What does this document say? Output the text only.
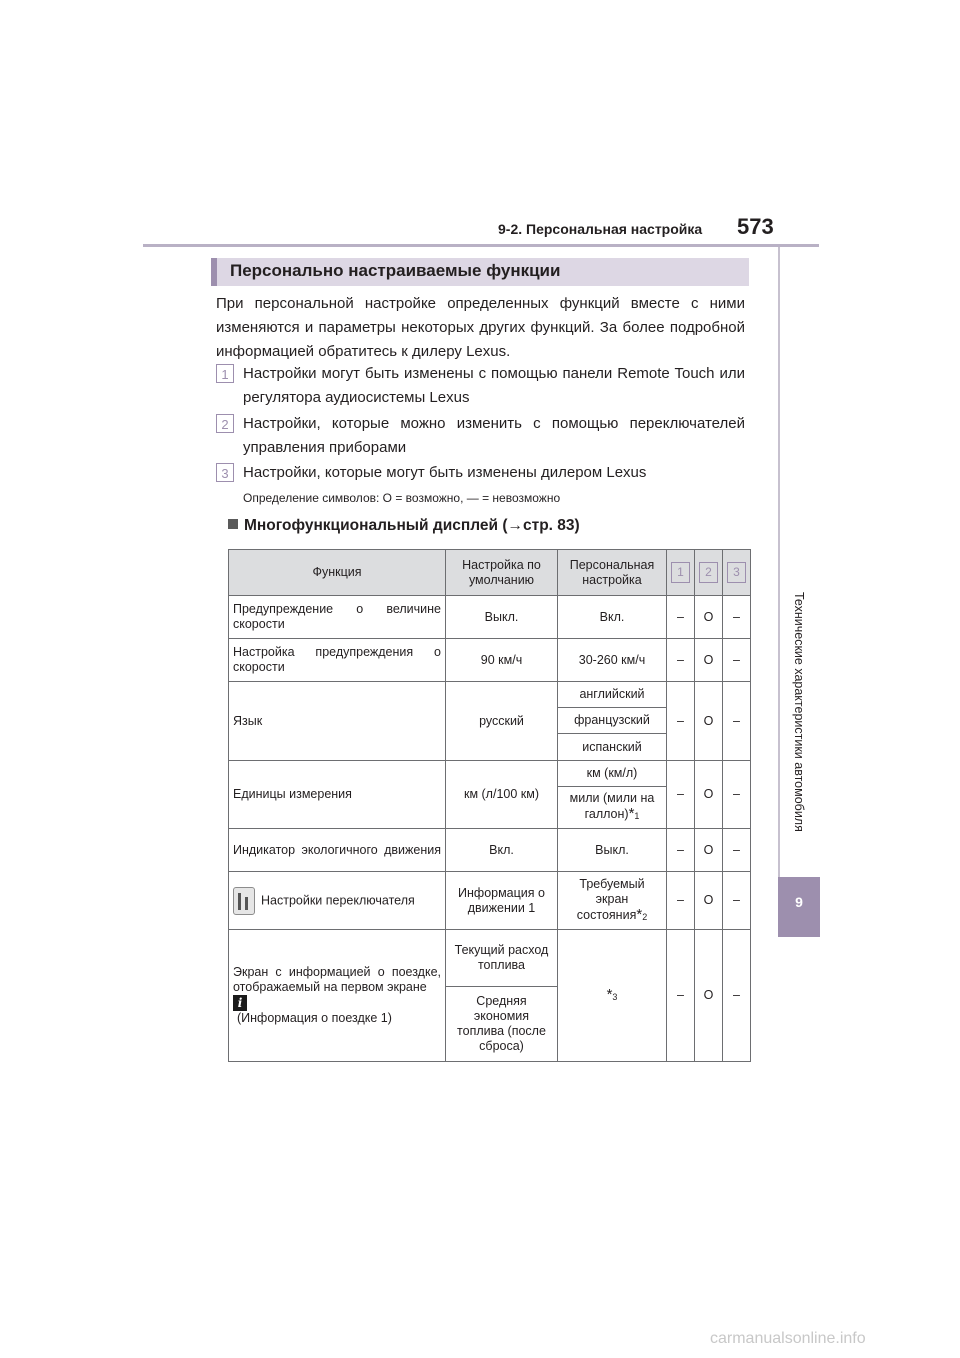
9-2. Персональная настройка 573
Технические характеристики автомобиля
9
Персонально настраиваемые функции
При персональной настройке определенных функций вместе с ними изменяются и параметры некоторых других функций. За более подробной информацией обратитесь к дилеру Lexus.
1 Настройки могут быть изменены с помощью панели Remote Touch или регулятора аудиосистемы Lexus
2 Настройки, которые можно изменить с помощью переключателей управления приборами
3 Настройки, которые могут быть изменены дилером Lexus
Определение символов: O = возможно, — = невозможно
Многофункциональный дисплей (→стр. 83)
Функция	Настройка по умолчанию	Персональная настройка	1	2	3
Предупреждение о величине скорости	Выкл.	Вкл.	–	O	–
Настройка предупреждения о скорости	90 км/ч	30-260 км/ч	–	O	–
Язык	русский	английский	–	O	–
		французский			
		испанский			
Единицы измерения	км (л/100 км)	км (км/л)	–	O	–
		мили (мили на галлон)*1			
Индикатор экологичного движения	Вкл.	Выкл.	–	O	–
Настройки переключателя	Информация о движении 1	Требуемый экран состояния*2	–	O	–

Экран с информацией о поездке, отображаемый на первом экране
i
(Информация о поездке 1)	Текущий расход топлива	*3	–	O	–
	Средняя экономия топлива (после сброса)				
carmanualsonline.info
